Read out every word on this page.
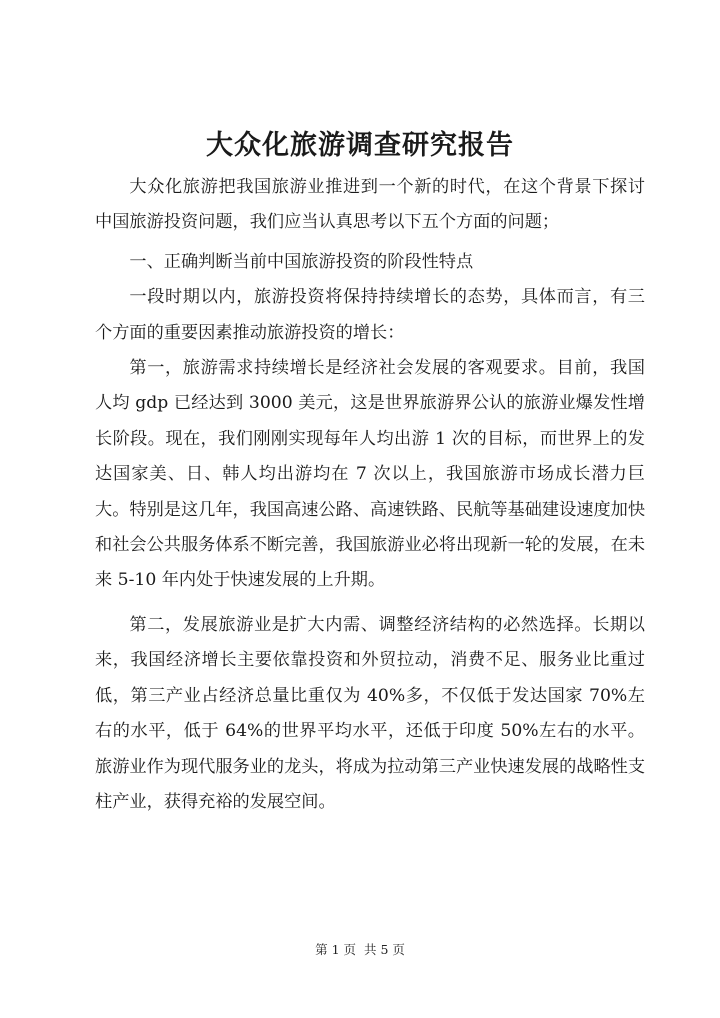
大众化旅游调查研究报告

大众化旅游把我国旅游业推进到一个新的时代，在这个背景下探讨中国旅游投资问题，我们应当认真思考以下五个方面的问题；

一、正确判断当前中国旅游投资的阶段性特点

一段时期以内，旅游投资将保持持续增长的态势，具体而言，有三个方面的重要因素推动旅游投资的增长：

第一，旅游需求持续增长是经济社会发展的客观要求。目前，我国人均 gdp 已经达到 3000 美元，这是世界旅游界公认的旅游业爆发性增长阶段。现在，我们刚刚实现每年人均出游 1 次的目标，而世界上的发达国家美、日、韩人均出游均在 7 次以上，我国旅游市场成长潜力巨大。特别是这几年，我国高速公路、高速铁路、民航等基础建设速度加快和社会公共服务体系不断完善，我国旅游业必将出现新一轮的发展，在未来 5-10 年内处于快速发展的上升期。

第二，发展旅游业是扩大内需、调整经济结构的必然选择。长期以来，我国经济增长主要依靠投资和外贸拉动，消费不足、服务业比重过低，第三产业占经济总量比重仅为 40%多，不仅低于发达国家 70%左右的水平，低于 64%的世界平均水平，还低于印度 50%左右的水平。旅游业作为现代服务业的龙头，将成为拉动第三产业快速发展的战略性支柱产业，获得充裕的发展空间。

第 1 页  共 5 页
